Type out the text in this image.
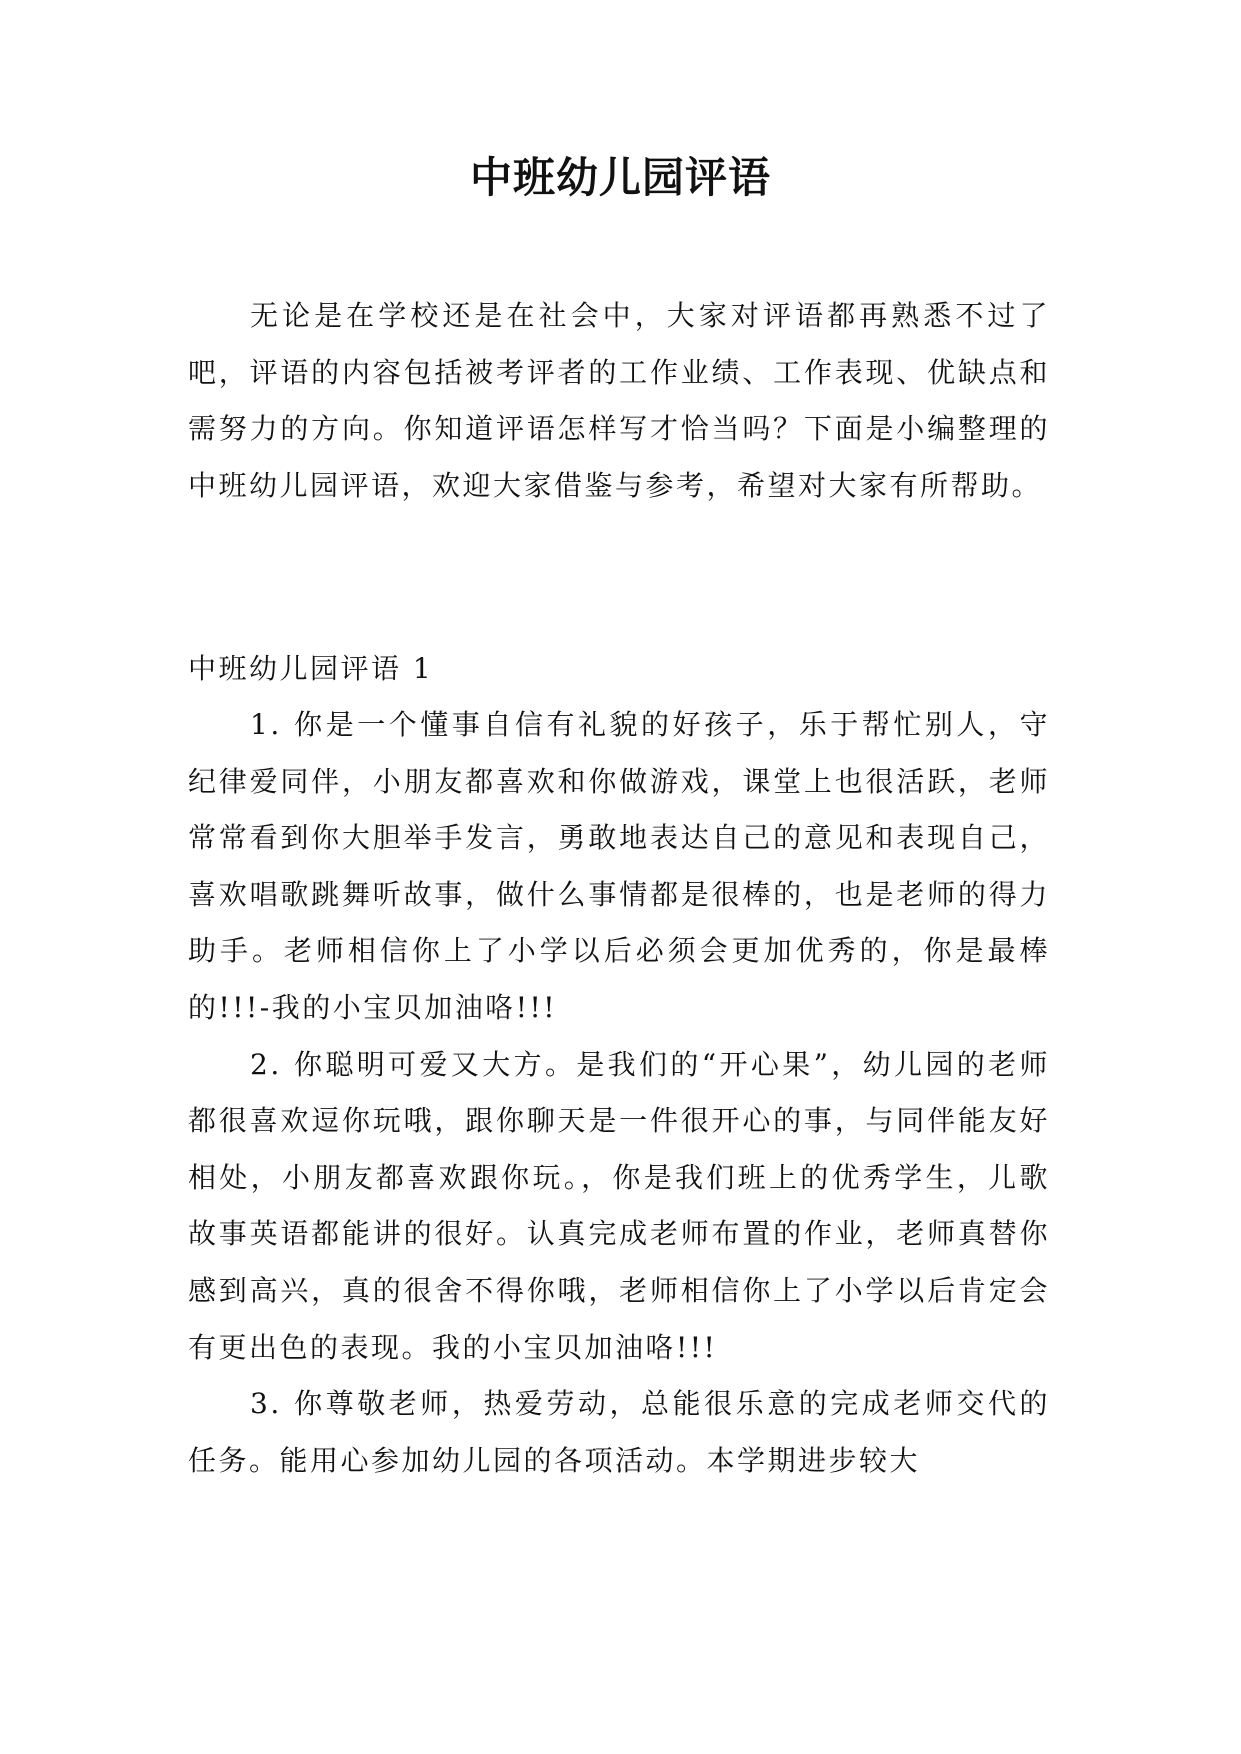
中班幼儿园评语

无论是在学校还是在社会中，大家对评语都再熟悉不过了吧，评语的内容包括被考评者的工作业绩、工作表现、优缺点和需努力的方向。你知道评语怎样写才恰当吗？下面是小编整理的中班幼儿园评语，欢迎大家借鉴与参考，希望对大家有所帮助。

中班幼儿园评语 1

1. 你是一个懂事自信有礼貌的好孩子，乐于帮忙别人，守纪律爱同伴，小朋友都喜欢和你做游戏，课堂上也很活跃，老师常常看到你大胆举手发言，勇敢地表达自己的意见和表现自己，喜欢唱歌跳舞听故事，做什么事情都是很棒的，也是老师的得力助手。老师相信你上了小学以后必须会更加优秀的，你是最棒的!!!-我的小宝贝加油咯!!!

2. 你聪明可爱又大方。是我们的“开心果”，幼儿园的老师都很喜欢逗你玩哦，跟你聊天是一件很开心的事，与同伴能友好相处，小朋友都喜欢跟你玩。，你是我们班上的优秀学生，儿歌故事英语都能讲的很好。认真完成老师布置的作业，老师真替你感到高兴，真的很舍不得你哦，老师相信你上了小学以后肯定会有更出色的表现。我的小宝贝加油咯!!!

3. 你尊敬老师，热爱劳动，总能很乐意的完成老师交代的任务。能用心参加幼儿园的各项活动。本学期进步较大
